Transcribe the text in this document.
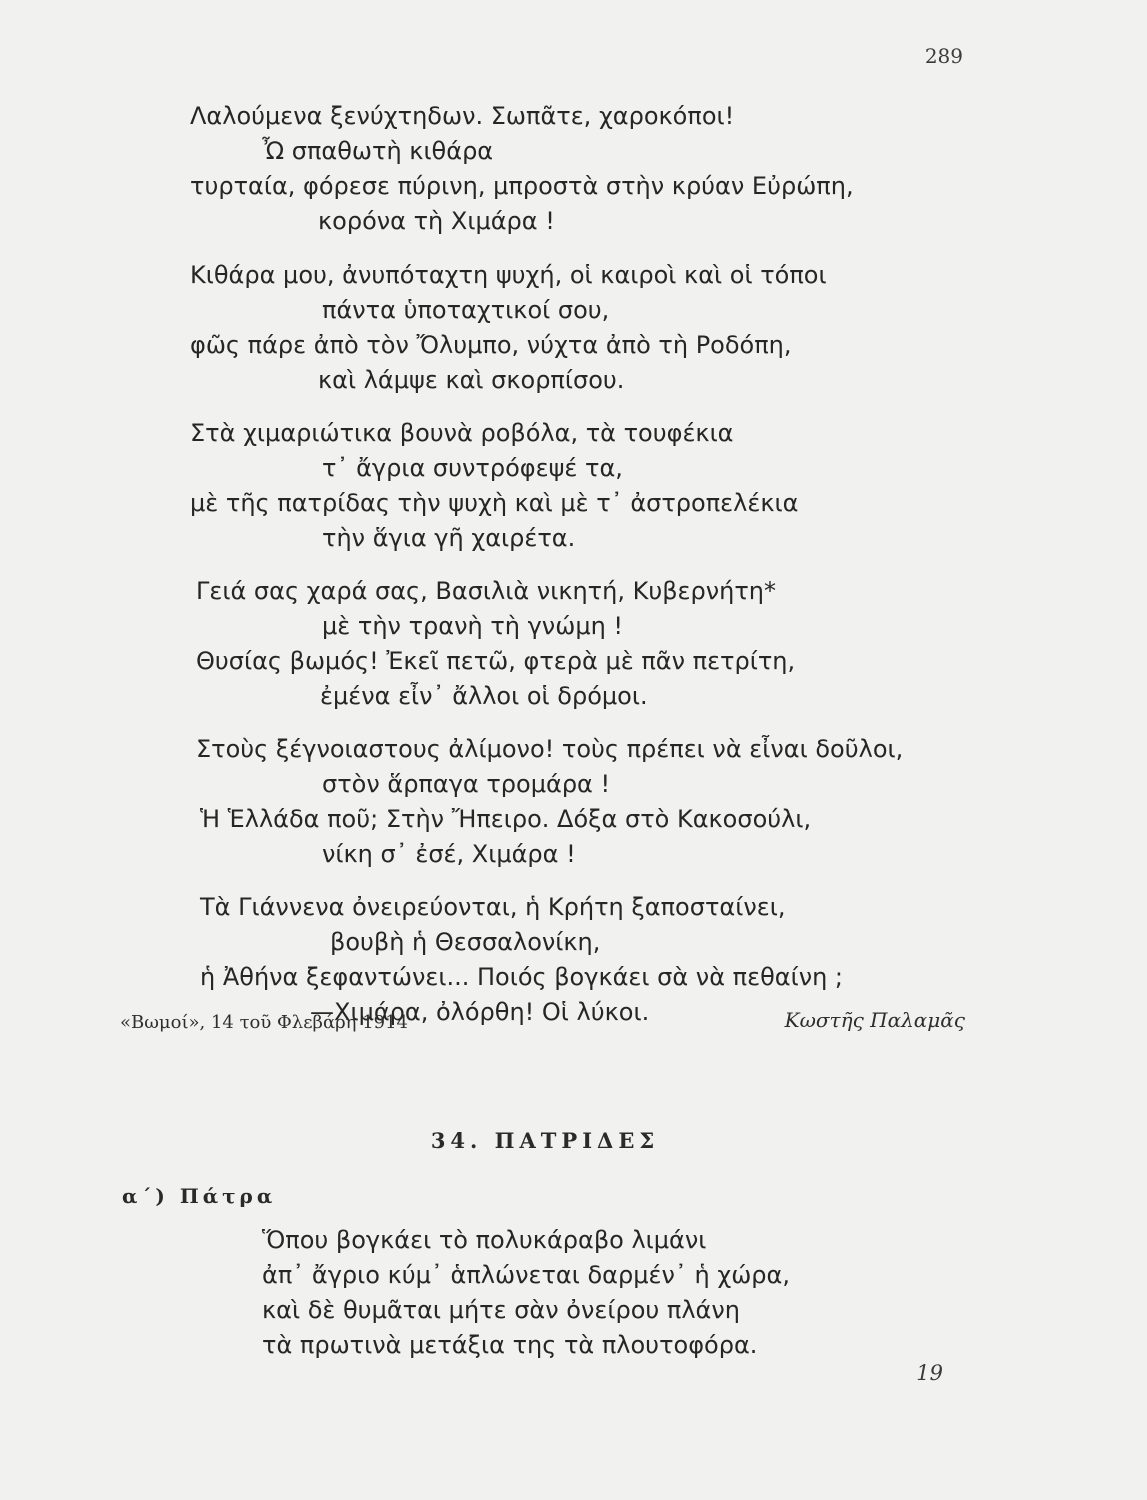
289
Λαλούμενα ξενύχτηδων. Σωπᾶτε, χαροκόποι!
Ὦ σπαθωτὴ κιθάρα
τυρταία, φόρεσε πύρινη, μπροστὰ στὴν κρύαν Εὐρώπη,
κορόνα τὴ Χιμάρα !
Κιθάρα μου, ἀνυπόταχτη ψυχή, οἱ καιροὶ καὶ οἱ τόποι
πάντα ὑποταχτικοί σου,
φῶς πάρε ἀπὸ τὸν Ὄλυμπο, νύχτα ἀπὸ τὴ Ροδόπη,
καὶ λάμψε καὶ σκορπίσου.
Στὰ χιμαριώτικα βουνὰ ροβόλα, τὰ τουφέκια
τ᾽ ἄγρια συντρόφεψέ τα,
μὲ τῆς πατρίδας τὴν ψυχὴ καὶ μὲ τ᾽ ἀστροπελέκια
τὴν ἅγια γῆ χαιρέτα.
Γειά σας χαρά σας, Βασιλιὰ νικητή, Κυβερνήτη*
μὲ τὴν τρανὴ τὴ γνώμη !
Θυσίας βωμός! Ἐκεῖ πετῶ, φτερὰ μὲ πᾶν πετρίτη,
ἐμένα εἶν᾽ ἄλλοι οἱ δρόμοι.
Στοὺς ξέγνοιαστους ἀλίμονο! τοὺς πρέπει νὰ εἶναι δοῦλοι,
στὸν ἅρπαγα τρομάρα !
Ἡ Ἑλλάδα ποῦ; Στὴν Ἤπειρο. Δόξα στὸ Κακοσούλι,
νίκη σ᾽ ἐσέ, Χιμάρα !
Τὰ Γιάννενα ὀνειρεύονται, ἡ Κρήτη ξαποσταίνει,
βουβὴ ἡ Θεσσαλονίκη,
ἡ Ἀθήνα ξεφαντώνει... Ποιός βογκάει σὰ νὰ πεθαίνη ;
—Χιμάρα, ὀλόρθη! Οἱ λύκοι.
«Βωμοί», 14 τοῦ Φλεβάρη 1914	Κωστῆς Παλαμᾶς
34. ΠΑΤΡΙΔΕΣ
α´) Πάτρα
Ὅπου βογκάει τὸ πολυκάραβο λιμάνι
ἀπ᾽ ἄγριο κύμ᾽ ἁπλώνεται δαρμέν᾽ ἡ χώρα,
καὶ δὲ θυμᾶται μήτε σὰν ὀνείρου πλάνη
τὰ πρωτινὰ μετάξια της τὰ πλουτοφόρα.
19
